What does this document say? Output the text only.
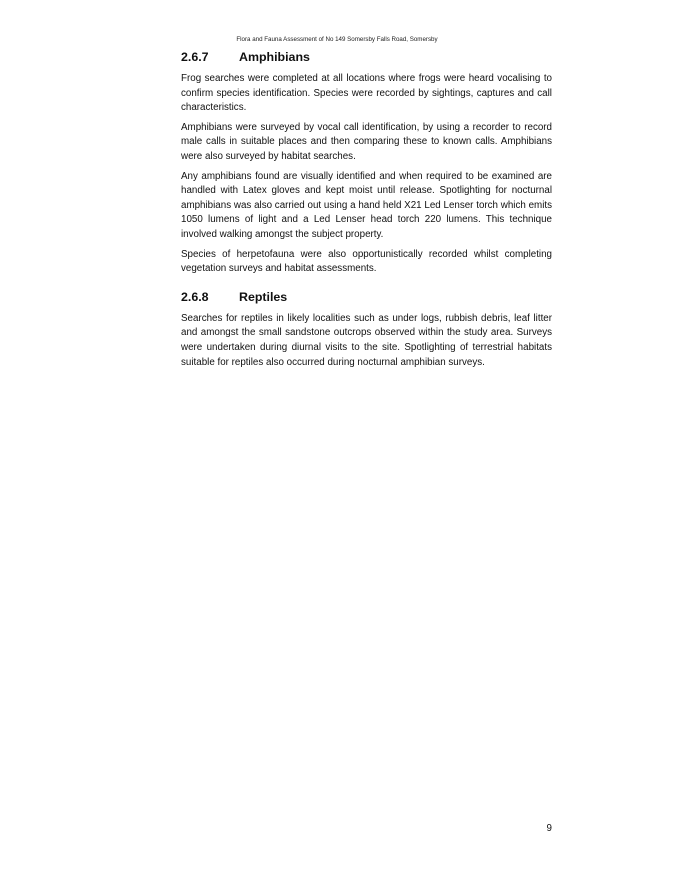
Flora and Fauna Assessment of No 149 Somersby Falls Road, Somersby
2.6.7	Amphibians

Frog searches were completed at all locations where frogs were heard vocalising to confirm species identification. Species were recorded by sightings, captures and call characteristics.

Amphibians were surveyed by vocal call identification, by using a recorder to record male calls in suitable places and then comparing these to known calls. Amphibians were also surveyed by habitat searches.

Any amphibians found are visually identified and when required to be examined are handled with Latex gloves and kept moist until release. Spotlighting for nocturnal amphibians was also carried out using a hand held X21 Led Lenser torch which emits 1050 lumens of light and a Led Lenser head torch 220 lumens. This technique involved walking amongst the subject property.

Species of herpetofauna were also opportunistically recorded whilst completing vegetation surveys and habitat assessments.

2.6.8	Reptiles

Searches for reptiles in likely localities such as under logs, rubbish debris, leaf litter and amongst the small sandstone outcrops observed within the study area. Surveys were undertaken during diurnal visits to the site. Spotlighting of terrestrial habitats suitable for reptiles also occurred during nocturnal amphibian surveys.

9
